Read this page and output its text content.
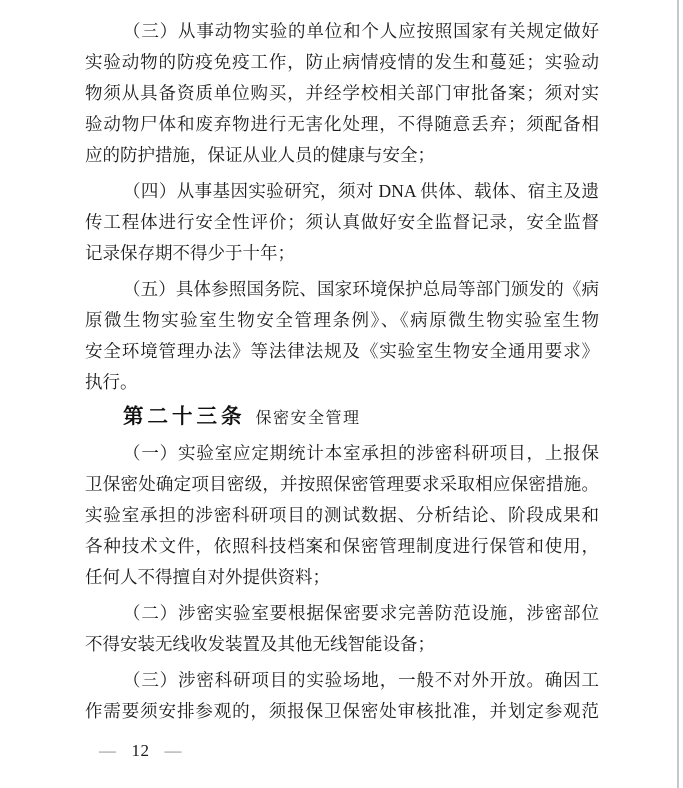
（三）从事动物实验的单位和个人应按照国家有关规定做好
实验动物的防疫免疫工作，防止病情疫情的发生和蔓延；实验动
物须从具备资质单位购买，并经学校相关部门审批备案；须对实
验动物尸体和废弃物进行无害化处理，不得随意丢弃；须配备相
应的防护措施，保证从业人员的健康与安全；
（四）从事基因实验研究，须对 DNA 供体、载体、宿主及遗
传工程体进行安全性评价；须认真做好安全监督记录，安全监督
记录保存期不得少于十年；
（五）具体参照国务院、国家环境保护总局等部门颁发的《病
原微生物实验室生物安全管理条例》、《病原微生物实验室生物
安全环境管理办法》等法律法规及《实验室生物安全通用要求》
执行。
第二十三条 保密安全管理
（一）实验室应定期统计本室承担的涉密科研项目，上报保
卫保密处确定项目密级，并按照保密管理要求采取相应保密措施。
实验室承担的涉密科研项目的测试数据、分析结论、阶段成果和
各种技术文件，依照科技档案和保密管理制度进行保管和使用，
任何人不得擅自对外提供资料；
（二）涉密实验室要根据保密要求完善防范设施，涉密部位
不得安装无线收发装置及其他无线智能设备；
（三）涉密科研项目的实验场地，一般不对外开放。确因工
作需要须安排参观的，须报保卫保密处审核批准，并划定参观范
— 12 —
